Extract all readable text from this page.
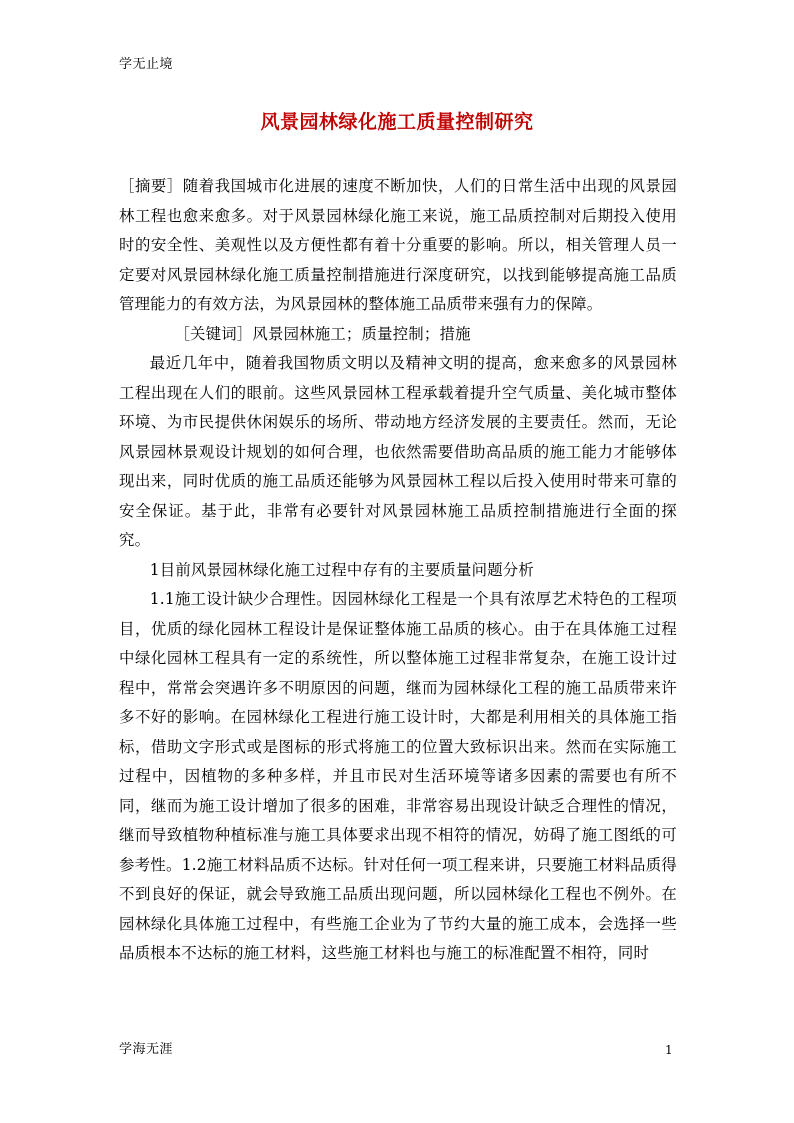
学无止境
风景园林绿化施工质量控制研究

［摘要］随着我国城市化进展的速度不断加快，人们的日常生活中出现的风景园林工程也愈来愈多。对于风景园林绿化施工来说，施工品质控制对后期投入使用时的安全性、美观性以及方便性都有着十分重要的影响。所以，相关管理人员一定要对风景园林绿化施工质量控制措施进行深度研究，以找到能够提高施工品质管理能力的有效方法，为风景园林的整体施工品质带来强有力的保障。

［关键词］风景园林施工；质量控制；措施

最近几年中，随着我国物质文明以及精神文明的提高，愈来愈多的风景园林工程出现在人们的眼前。这些风景园林工程承载着提升空气质量、美化城市整体环境、为市民提供休闲娱乐的场所、带动地方经济发展的主要责任。然而，无论风景园林景观设计规划的如何合理，也依然需要借助高品质的施工能力才能够体现出来，同时优质的施工品质还能够为风景园林工程以后投入使用时带来可靠的安全保证。基于此，非常有必要针对风景园林施工品质控制措施进行全面的探究。

1目前风景园林绿化施工过程中存有的主要质量问题分析

1.1施工设计缺少合理性。因园林绿化工程是一个具有浓厚艺术特色的工程项目，优质的绿化园林工程设计是保证整体施工品质的核心。由于在具体施工过程中绿化园林工程具有一定的系统性，所以整体施工过程非常复杂，在施工设计过程中，常常会突遇许多不明原因的问题，继而为园林绿化工程的施工品质带来许多不好的影响。在园林绿化工程进行施工设计时，大都是利用相关的具体施工指标，借助文字形式或是图标的形式将施工的位置大致标识出来。然而在实际施工过程中，因植物的多种多样，并且市民对生活环境等诸多因素的需要也有所不同，继而为施工设计增加了很多的困难，非常容易出现设计缺乏合理性的情况，继而导致植物种植标准与施工具体要求出现不相符的情况，妨碍了施工图纸的可参考性。1.2施工材料品质不达标。针对任何一项工程来讲，只要施工材料品质得不到良好的保证，就会导致施工品质出现问题，所以园林绿化工程也不例外。在园林绿化具体施工过程中，有些施工企业为了节约大量的施工成本，会选择一些品质根本不达标的施工材料，这些施工材料也与施工的标准配置不相符，同时

学海无涯	1
